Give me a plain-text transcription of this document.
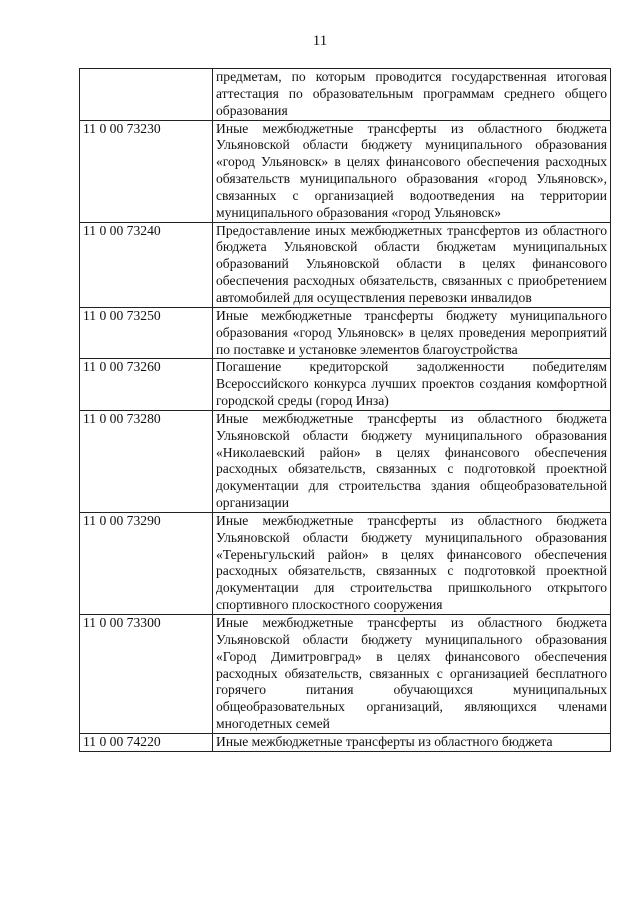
11
	предметам, по которым проводится государственная итоговая аттестация по образовательным программам среднего общего образования
11 0 00 73230	Иные межбюджетные трансферты из областного бюджета Ульяновской области бюджету муниципального образования «город Ульяновск» в целях финансового обеспечения расходных обязательств муниципального образования «город Ульяновск», связанных с организацией водоотведения на территории муниципального образования «город Ульяновск»
11 0 00 73240	Предоставление иных межбюджетных трансфертов из областного бюджета Ульяновской области бюджетам муниципальных образований Ульяновской области в целях финансового обеспечения расходных обязательств, связанных с приобретением автомобилей для осуществления перевозки инвалидов
11 0 00 73250	Иные межбюджетные трансферты бюджету муниципального образования «город Ульяновск» в целях проведения мероприятий по поставке и установке элементов благоустройства
11 0 00 73260	Погашение кредиторской задолженности победителям Всероссийского конкурса лучших проектов создания комфортной городской среды (город Инза)
11 0 00 73280	Иные межбюджетные трансферты из областного бюджета Ульяновской области бюджету муниципального образования «Николаевский район» в целях финансового обеспечения расходных обязательств, связанных с подготовкой проектной документации для строительства здания общеобразовательной организации
11 0 00 73290	Иные межбюджетные трансферты из областного бюджета Ульяновской области бюджету муниципального образования «Тереньгульский район» в целях финансового обеспечения расходных обязательств, связанных с подготовкой проектной документации для строительства пришкольного открытого спортивного плоскостного сооружения
11 0 00 73300	Иные межбюджетные трансферты из областного бюджета Ульяновской области бюджету муниципального образования «Город Димитровград» в целях финансового обеспечения расходных обязательств, связанных с организацией бесплатного горячего питания обучающихся муниципальных общеобразовательных организаций, являющихся членами многодетных семей
11 0 00 74220	Иные межбюджетные трансферты из областного бюджета
